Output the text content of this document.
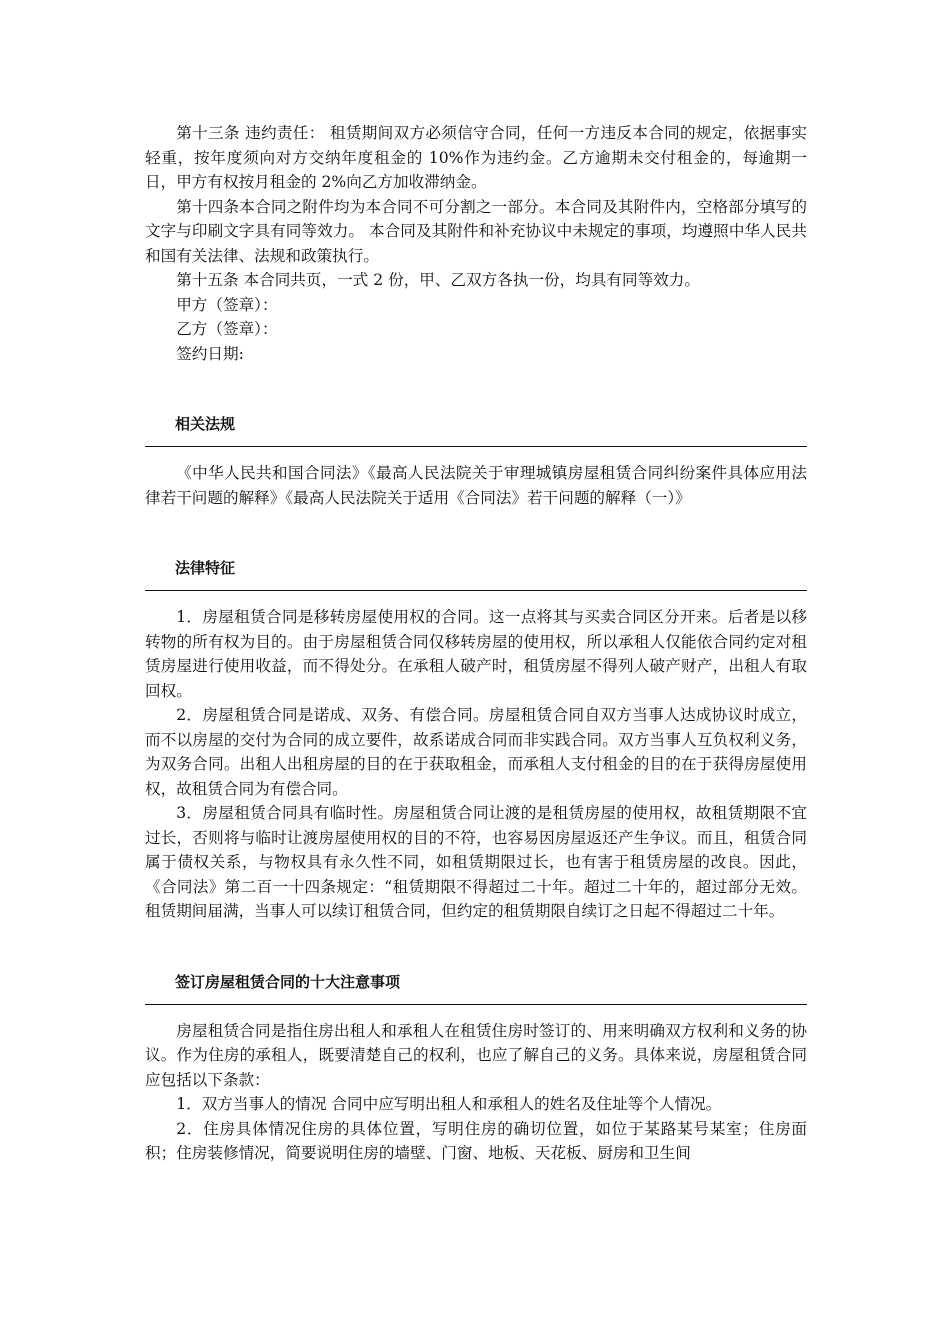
第十三条 违约责任： 租赁期间双方必须信守合同，任何一方违反本合同的规定，依据事实轻重，按年度须向对方交纳年度租金的 10%作为违约金。乙方逾期未交付租金的，每逾期一日，甲方有权按月租金的 2%向乙方加收滞纳金。

第十四条本合同之附件均为本合同不可分割之一部分。本合同及其附件内，空格部分填写的文字与印刷文字具有同等效力。 本合同及其附件和补充协议中未规定的事项，均遵照中华人民共和国有关法律、法规和政策执行。

第十五条 本合同共页，一式 2 份，甲、乙双方各执一份，均具有同等效力。

甲方（签章）：

乙方（签章）：

签约日期:

相关法规

《中华人民共和国合同法》《最高人民法院关于审理城镇房屋租赁合同纠纷案件具体应用法律若干问题的解释》《最高人民法院关于适用《合同法》若干问题的解释（一）》

法律特征

1．房屋租赁合同是移转房屋使用权的合同。这一点将其与买卖合同区分开来。后者是以移转物的所有权为目的。由于房屋租赁合同仅移转房屋的使用权，所以承租人仅能依合同约定对租赁房屋进行使用收益，而不得处分。在承租人破产时，租赁房屋不得列人破产财产，出租人有取回权。

2．房屋租赁合同是诺成、双务、有偿合同。房屋租赁合同自双方当事人达成协议时成立，而不以房屋的交付为合同的成立要件，故系诺成合同而非实践合同。双方当事人互负权利义务，为双务合同。出租人出租房屋的目的在于获取租金，而承租人支付租金的目的在于获得房屋使用权，故租赁合同为有偿合同。

3．房屋租赁合同具有临时性。房屋租赁合同让渡的是租赁房屋的使用权，故租赁期限不宜过长，否则将与临时让渡房屋使用权的目的不符，也容易因房屋返还产生争议。而且，租赁合同属于债权关系，与物权具有永久性不同，如租赁期限过长，也有害于租赁房屋的改良。因此，《合同法》第二百一十四条规定：“租赁期限不得超过二十年。超过二十年的，超过部分无效。租赁期间届满，当事人可以续订租赁合同，但约定的租赁期限自续订之日起不得超过二十年。

签订房屋租赁合同的十大注意事项

房屋租赁合同是指住房出租人和承租人在租赁住房时签订的、用来明确双方权利和义务的协议。作为住房的承租人，既要清楚自己的权利，也应了解自己的义务。具体来说，房屋租赁合同应包括以下条款：

1．双方当事人的情况 合同中应写明出租人和承租人的姓名及住址等个人情况。

2．住房具体情况住房的具体位置，写明住房的确切位置，如位于某路某号某室；住房面积；住房装修情况，简要说明住房的墙壁、门窗、地板、天花板、厨房和卫生间
